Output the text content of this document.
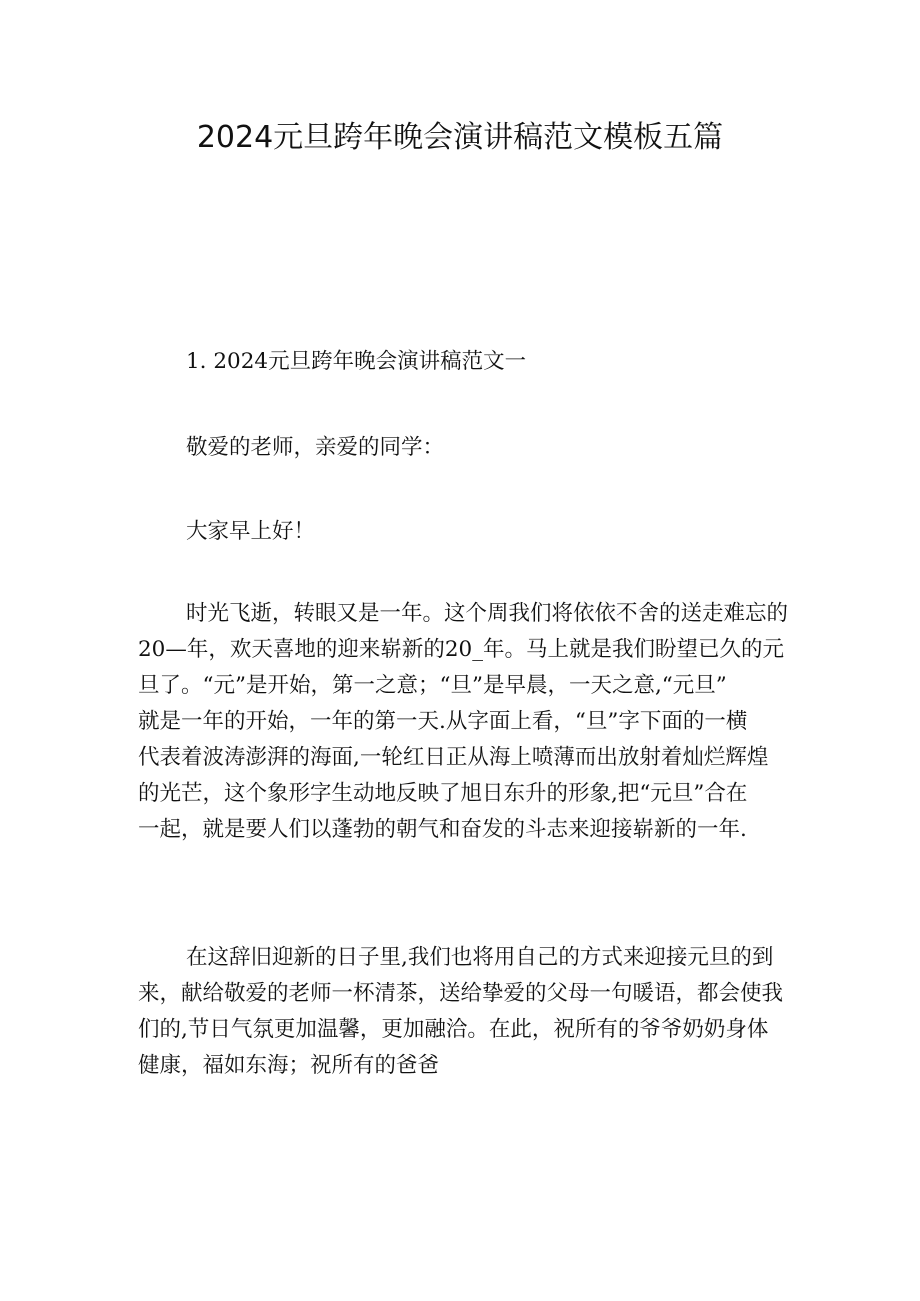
2024元旦跨年晚会演讲稿范文模板五篇

1. 2024元旦跨年晚会演讲稿范文一

敬爱的老师，亲爱的同学：

大家早上好！

时光飞逝，转眼又是一年。这个周我们将依依不舍的送走难忘的
20—年，欢天喜地的迎来崭新的20_年。马上就是我们盼望已久的元
旦了。“元”是开始，第一之意；“旦”是早晨，一天之意,“元旦”
就是一年的开始，一年的第一天.从字面上看，“旦”字下面的一横
代表着波涛澎湃的海面,一轮红日正从海上喷薄而出放射着灿烂辉煌
的光芒，这个象形字生动地反映了旭日东升的形象,把“元旦”合在
一起，就是要人们以蓬勃的朝气和奋发的斗志来迎接崭新的一年.
在这辞旧迎新的日子里,我们也将用自己的方式来迎接元旦的到
来，献给敬爱的老师一杯清茶，送给挚爱的父母一句暖语，都会使我
们的,节日气氛更加温馨，更加融洽。在此，祝所有的爷爷奶奶身体
健康，福如东海；祝所有的爸爸
